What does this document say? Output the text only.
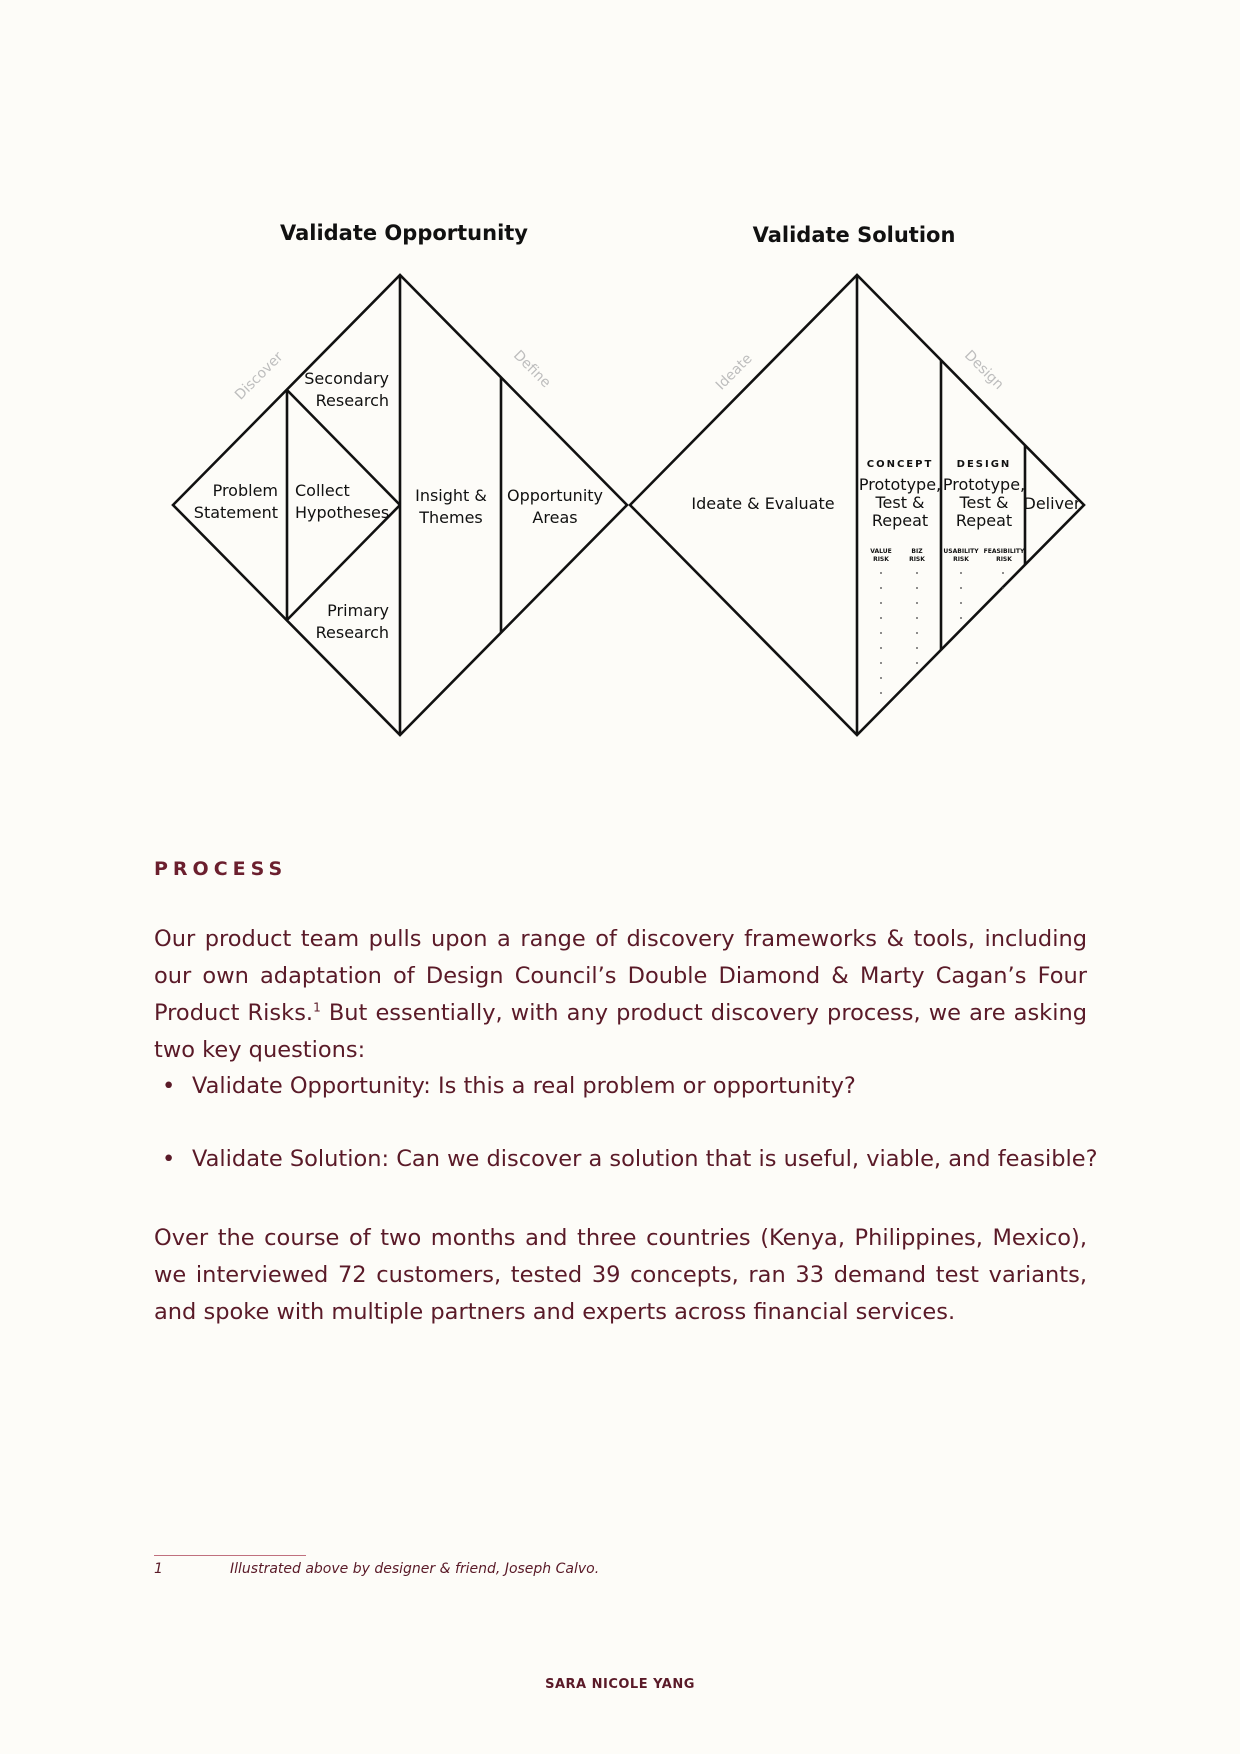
Validate Opportunity	Validate Solution
Discover	Define	Ideate	Design
Problem
Statement
Collect
Hypotheses
Secondary
Research
Primary
Research
Insight &
Themes
Opportunity
Areas
Ideate & Evaluate
CONCEPT
Prototype,
Test &
Repeat
VALUE
RISK
BIZ
RISK
DESIGN
Prototype,
Test &
Repeat
USABILITY
RISK
FEASIBILITY
RISK
Deliver
PROCESS

Our product team pulls upon a range of discovery frameworks & tools, including our own adaptation of Design Council’s Double Diamond & Marty Cagan’s Four Product Risks.$^1$ But essentially, with any product discovery process, we are asking two key questions:

• Validate Opportunity: Is this a real problem or opportunity?
• Validate Solution: Can we discover a solution that is useful, viable, and feasible?

Over the course of two months and three countries (Kenya, Philippines, Mexico), we interviewed 72 customers, tested 39 concepts, ran 33 demand test variants, and spoke with multiple partners and experts across financial services.

1	Illustrated above by designer & friend, Joseph Calvo.
SARA NICOLE YANG
